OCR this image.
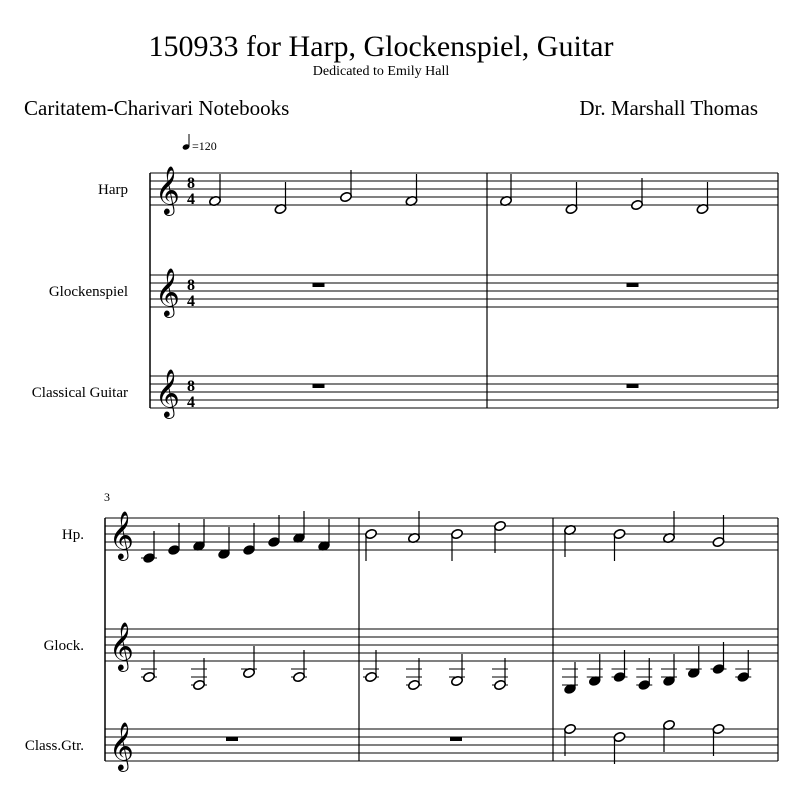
150933 for Harp, Glockenspiel, Guitar
Dedicated to Emily Hall
Caritatem-Charivari Notebooks	Dr. Marshall Thomas
𝄞 8
4
Harp
𝄞 8
4
Glockenspiel
𝄞 8
4
Classical Guitar
=120
𝄞
Hp.
𝄞
Glock.
𝄞
Class.Gtr.
3
